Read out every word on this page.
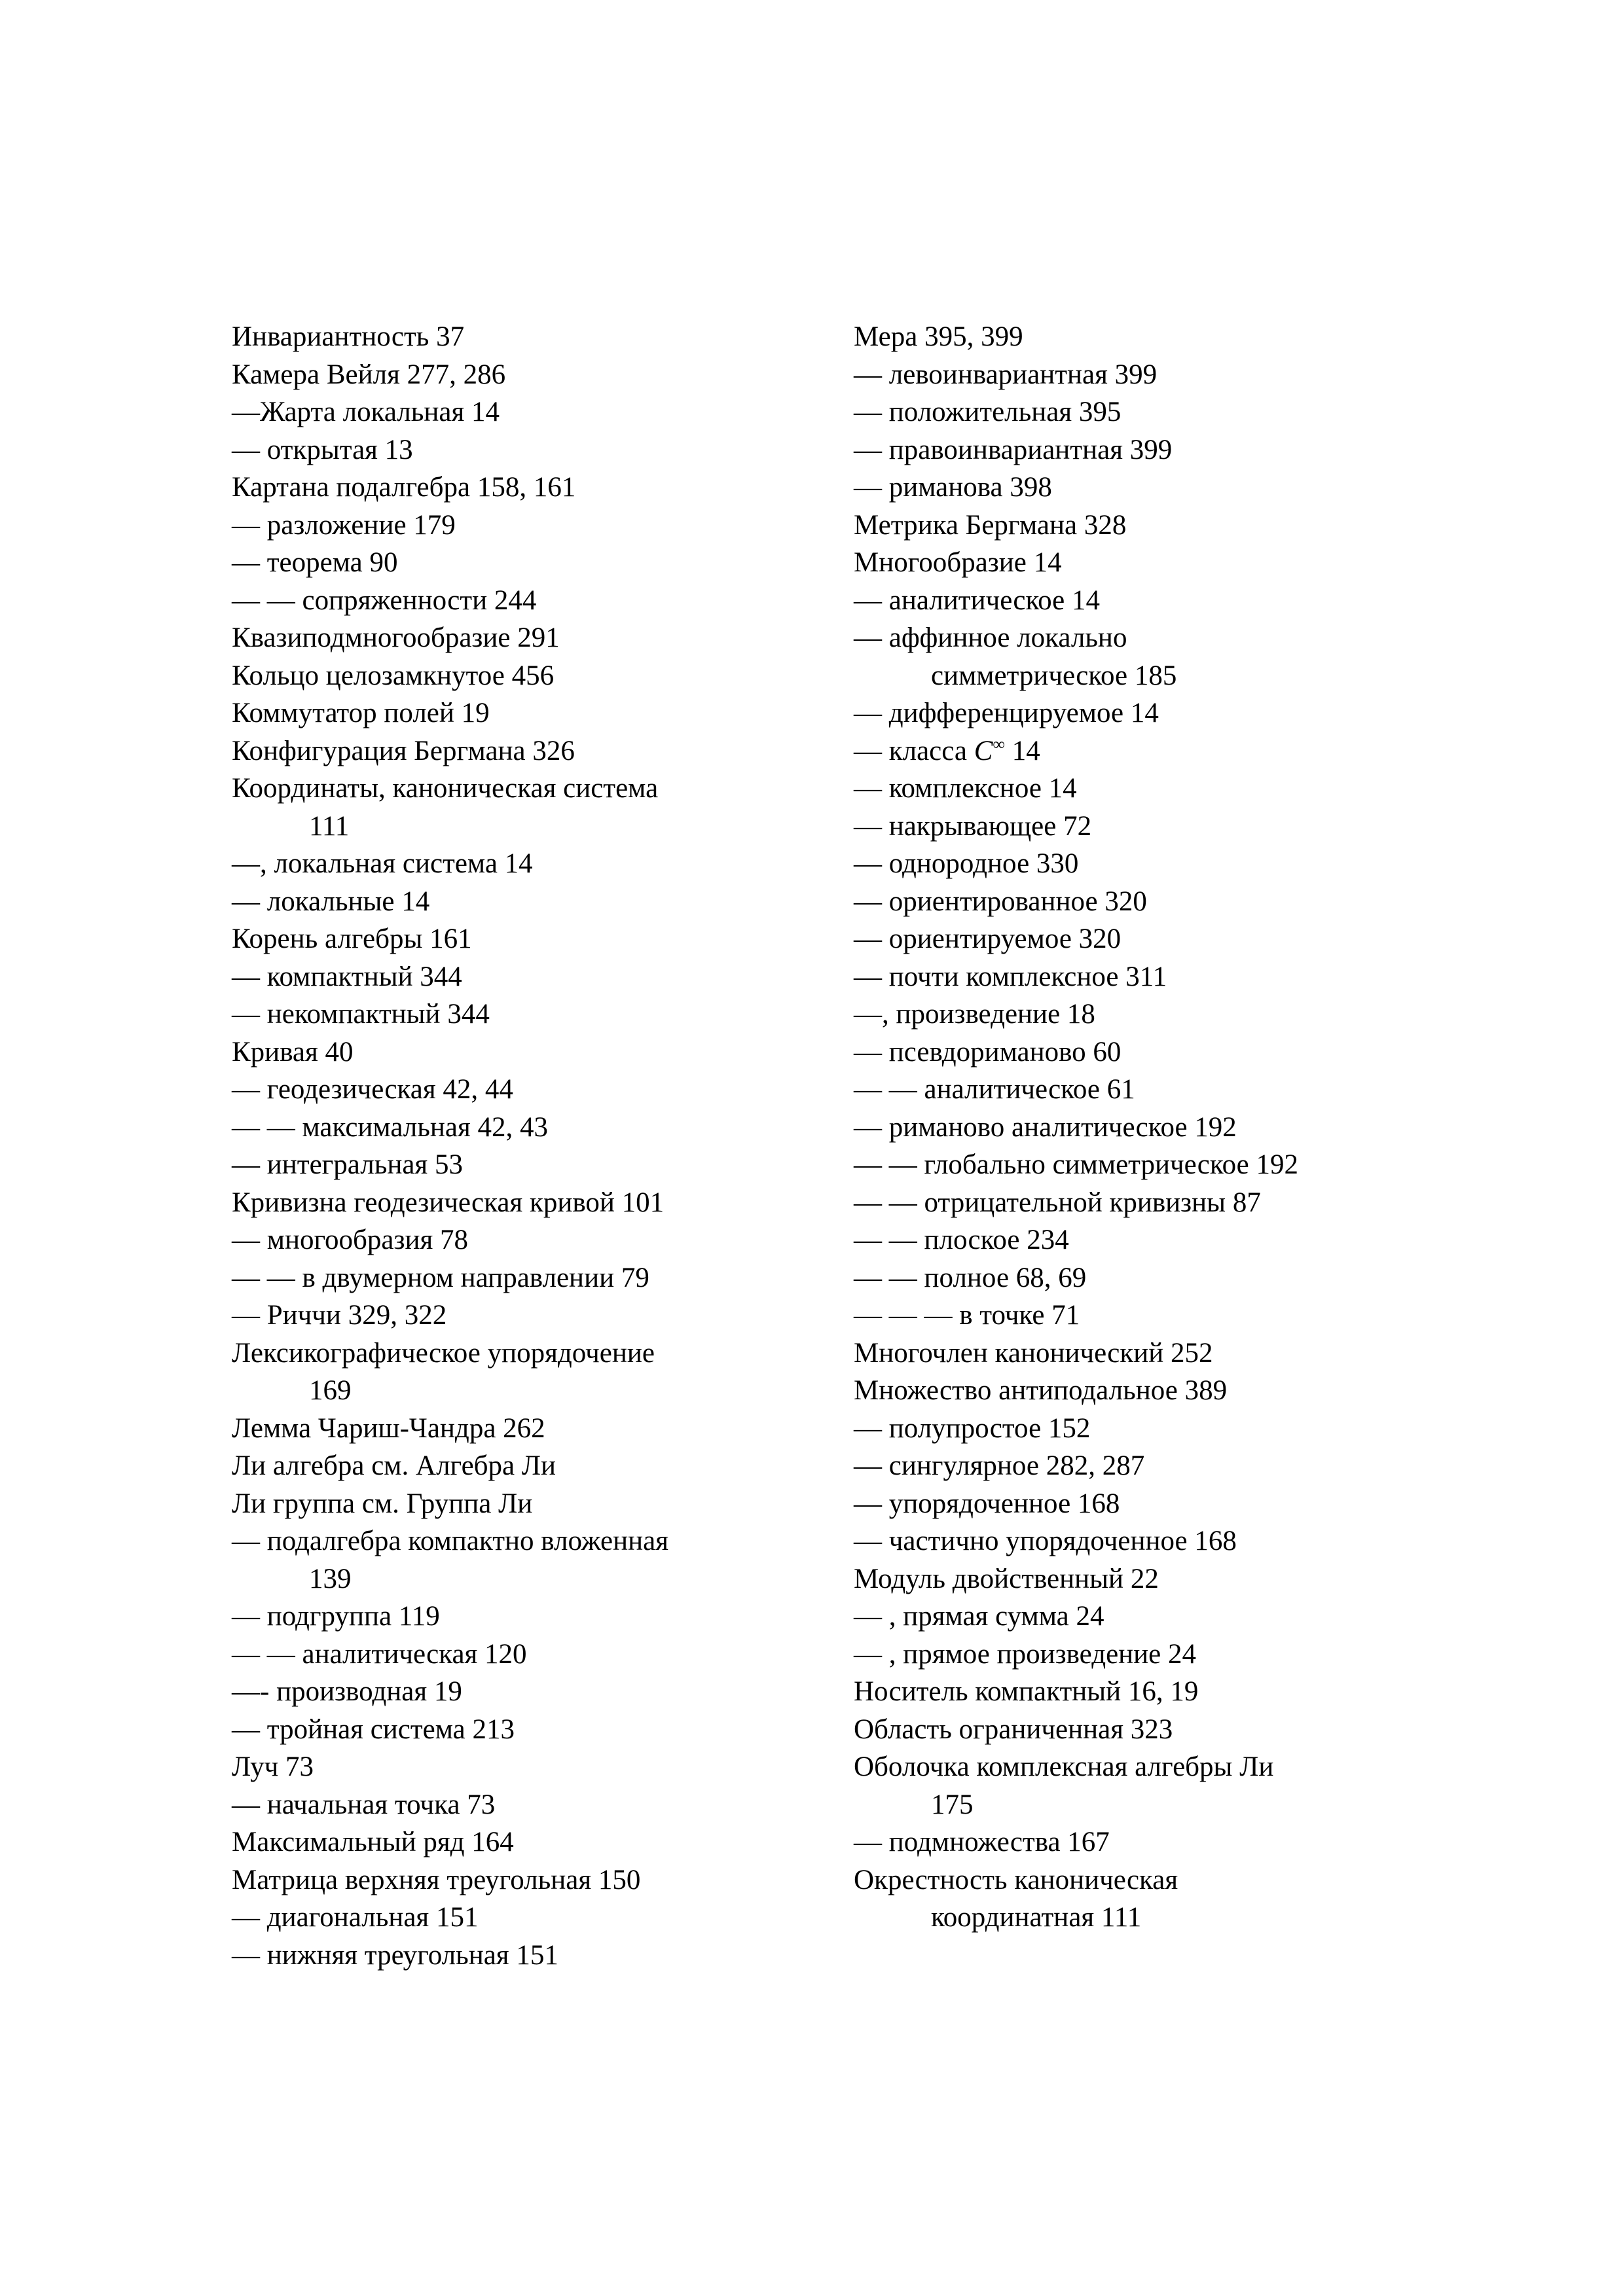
Инвариантность 37
Камера Вейля 277, 286
—Жарта локальная 14
— открытая 13
Картана подалгебра 158, 161
— разложение 179
— теорема 90
— — сопряженности 244
Квазиподмногообразие 291
Кольцо целозамкнутое 456
Коммутатор полей 19
Конфигурация Бергмана 326
Координаты, каноническая система
111
—, локальная система 14
— локальные 14
Корень алгебры 161
— компактный 344
— некомпактный 344
Кривая 40
— геодезическая 42, 44
— — максимальная 42, 43
— интегральная 53
Кривизна геодезическая кривой 101
— многообразия 78
— — в двумерном направлении 79
— Риччи 329, 322
Лексикографическое упорядочение
169
Лемма Чариш-Чандра 262
Ли алгебра см. Алгебра Ли
Ли группа см. Группа Ли
— подалгебра компактно вложенная
139
— подгруппа 119
— — аналитическая 120
—- производная 19
— тройная система 213
Луч 73
— начальная точка 73
Максимальный ряд 164
Матрица верхняя треугольная 150
— диагональная 151
— нижняя треугольная 151
Мера 395, 399
— левоинвариантная 399
— положительная 395
— правоинвариантная 399
— риманова 398
Метрика Бергмана 328
Многообразие 14
— аналитическое 14
— аффинное локально
симметрическое 185
— дифференцируемое 14
— класса C∞ 14
— комплексное 14
— накрывающее 72
— однородное 330
— ориентированное 320
— ориентируемое 320
— почти комплексное 311
—, произведение 18
— псевдориманово 60
— — аналитическое 61
— риманово аналитическое 192
— — глобально симметрическое 192
— — отрицательной кривизны 87
— — плоское 234
— — полное 68, 69
— — — в точке 71
Многочлен канонический 252
Множество антиподальное 389
— полупростое 152
— сингулярное 282, 287
— упорядоченное 168
— частично упорядоченное 168
Модуль двойственный 22
— , прямая сумма 24
— , прямое произведение 24
Носитель компактный 16, 19
Область ограниченная 323
Оболочка комплексная алгебры Ли
175
— подмножества 167
Окрестность каноническая
координатная 111
